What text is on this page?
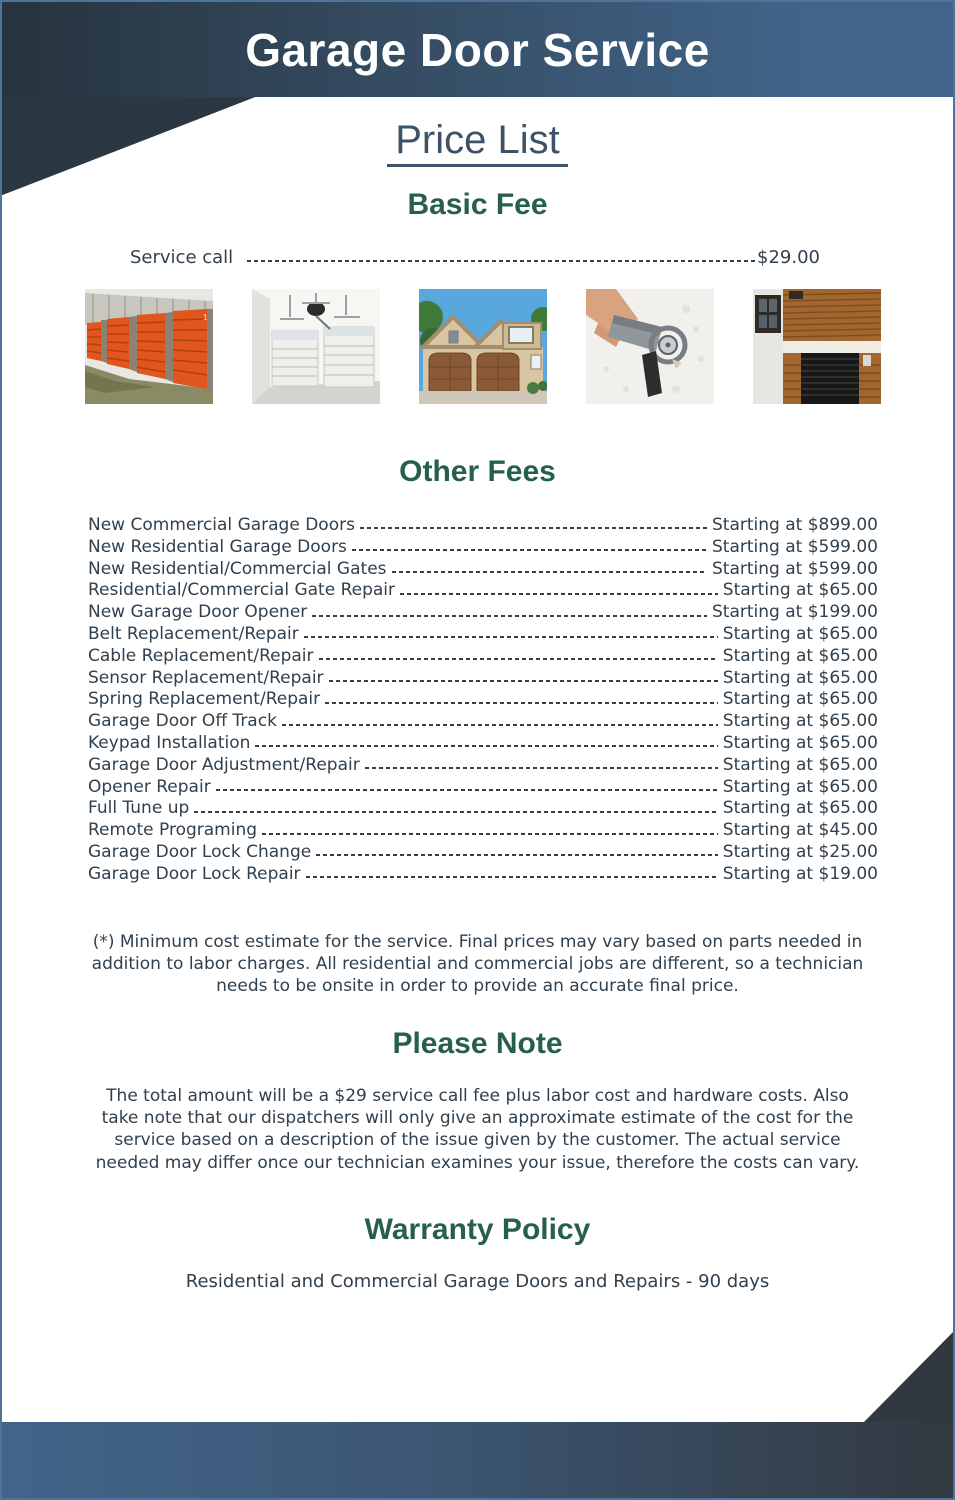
Garage Door Service
Price List
Basic Fee
Service call	$29.00
1
Other Fees
New Commercial Garage Doors	Starting at $899.00
New Residential Garage Doors	Starting at $599.00
New Residential/Commercial Gates	Starting at $599.00
Residential/Commercial Gate Repair	Starting at $65.00
New Garage Door Opener	Starting at $199.00
Belt Replacement/Repair	Starting at $65.00
Cable Replacement/Repair	Starting at $65.00
Sensor Replacement/Repair	Starting at $65.00
Spring Replacement/Repair	Starting at $65.00
Garage Door Off Track	Starting at $65.00
Keypad Installation	Starting at $65.00
Garage Door Adjustment/Repair	Starting at $65.00
Opener Repair	Starting at $65.00
Full Tune up	Starting at $65.00
Remote Programing	Starting at $45.00
Garage Door Lock Change	Starting at $25.00
Garage Door Lock Repair	Starting at $19.00
(*) Minimum cost estimate for the service. Final prices may vary based on parts needed in
addition to labor charges. All residential and commercial jobs are different, so a technician
needs to be onsite in order to provide an accurate final price.
Please Note
The total amount will be a $29 service call fee plus labor cost and hardware costs. Also
take note that our dispatchers will only give an approximate estimate of the cost for the
service based on a description of the issue given by the customer. The actual service
needed may differ once our technician examines your issue, therefore the costs can vary.
Warranty Policy
Residential and Commercial Garage Doors and Repairs - 90 days
